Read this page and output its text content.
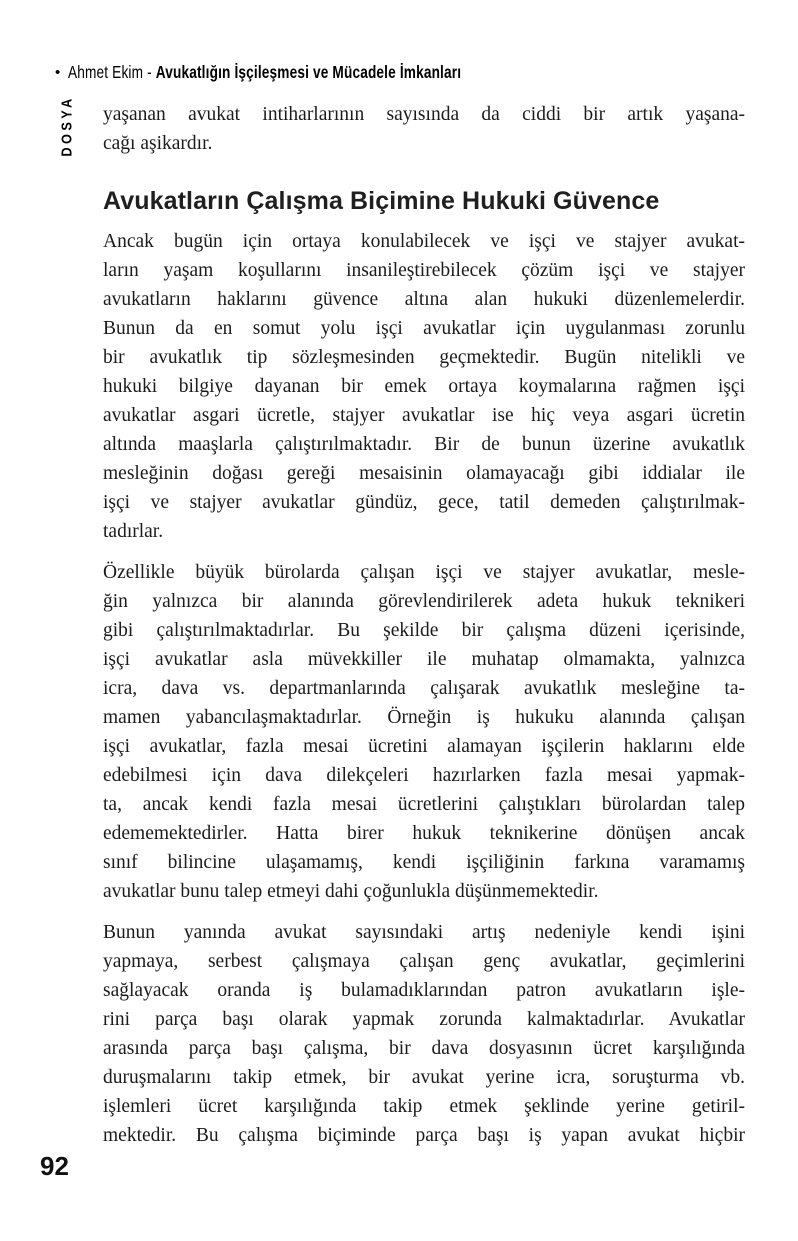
• Ahmet Ekim - Avukatlığın İşçileşmesi ve Mücadele İmkanları
DOSYA yaşanan avukat intiharlarının sayısında da ciddi bir artık yaşana-
cağı aşikardır.
Avukatların Çalışma Biçimine Hukuki Güvence
Ancak bugün için ortaya konulabilecek ve işçi ve stajyer avukat-
ların yaşam koşullarını insanileştirebilecek çözüm işçi ve stajyer
avukatların haklarını güvence altına alan hukuki düzenlemelerdir.
Bunun da en somut yolu işçi avukatlar için uygulanması zorunlu
bir avukatlık tip sözleşmesinden geçmektedir. Bugün nitelikli ve
hukuki bilgiye dayanan bir emek ortaya koymalarına rağmen işçi
avukatlar asgari ücretle, stajyer avukatlar ise hiç veya asgari ücretin
altında maaşlarla çalıştırılmaktadır. Bir de bunun üzerine avukatlık
mesleğinin doğası gereği mesaisinin olamayacağı gibi iddialar ile
işçi ve stajyer avukatlar gündüz, gece, tatil demeden çalıştırılmak-
tadırlar.
Özellikle büyük bürolarda çalışan işçi ve stajyer avukatlar, mesle-
ğin yalnızca bir alanında görevlendirilerek adeta hukuk teknikeri
gibi çalıştırılmaktadırlar. Bu şekilde bir çalışma düzeni içerisinde,
işçi avukatlar asla müvekkiller ile muhatap olmamakta, yalnızca
icra, dava vs. departmanlarında çalışarak avukatlık mesleğine ta-
mamen yabancılaşmaktadırlar. Örneğin iş hukuku alanında çalışan
işçi avukatlar, fazla mesai ücretini alamayan işçilerin haklarını elde
edebilmesi için dava dilekçeleri hazırlarken fazla mesai yapmak-
ta, ancak kendi fazla mesai ücretlerini çalıştıkları bürolardan talep
edememektedirler. Hatta birer hukuk teknikerine dönüşen ancak
sınıf bilincine ulaşamamış, kendi işçiliğinin farkına varamamış
avukatlar bunu talep etmeyi dahi çoğunlukla düşünmemektedir.
Bunun yanında avukat sayısındaki artış nedeniyle kendi işini
yapmaya, serbest çalışmaya çalışan genç avukatlar, geçimlerini
sağlayacak oranda iş bulamadıklarından patron avukatların işle-
rini parça başı olarak yapmak zorunda kalmaktadırlar. Avukatlar
arasında parça başı çalışma, bir dava dosyasının ücret karşılığında
duruşmalarını takip etmek, bir avukat yerine icra, soruşturma vb.
işlemleri ücret karşılığında takip etmek şeklinde yerine getiril-
mektedir. Bu çalışma biçiminde parça başı iş yapan avukat hiçbir
92
